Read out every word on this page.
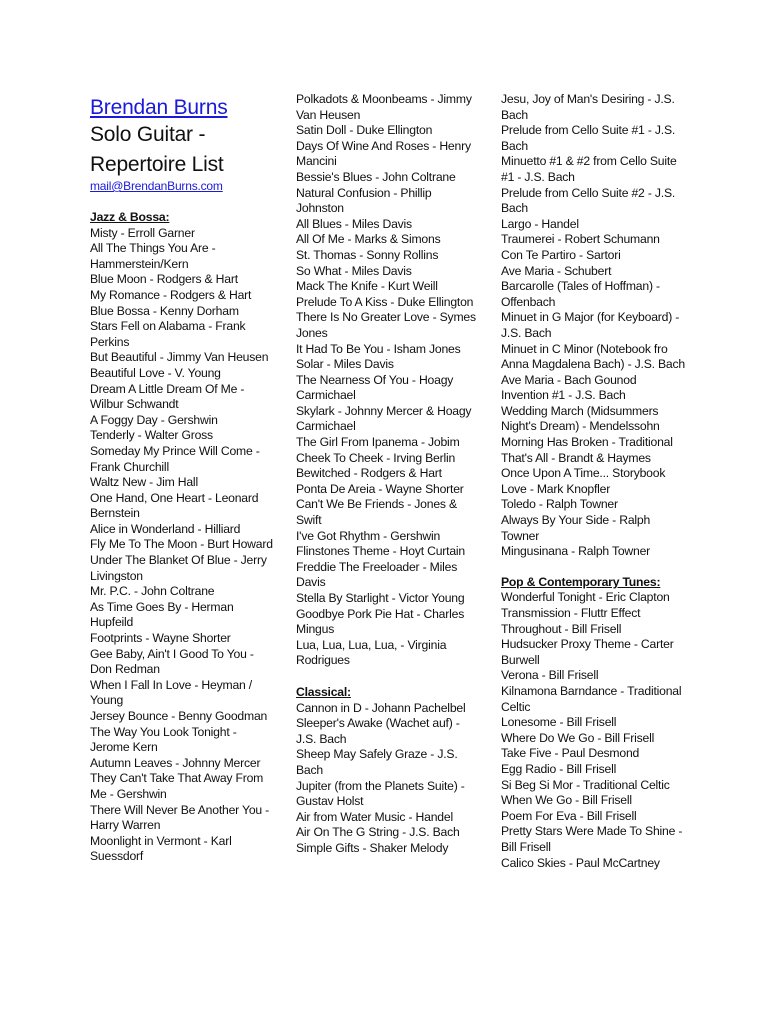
Brendan Burns
Solo Guitar -
Repertoire List
mail@BrendanBurns.com
Jazz & Bossa:
Misty - Erroll Garner
All The Things You Are - Hammerstein/Kern
Blue Moon - Rodgers & Hart
My Romance - Rodgers & Hart
Blue Bossa - Kenny Dorham
Stars Fell on Alabama - Frank Perkins
But Beautiful - Jimmy Van Heusen
Beautiful Love - V. Young
Dream A Little Dream Of Me - Wilbur Schwandt
A Foggy Day - Gershwin
Tenderly - Walter Gross
Someday My Prince Will Come - Frank Churchill
Waltz New - Jim Hall
One Hand, One Heart - Leonard Bernstein
Alice in Wonderland - Hilliard
Fly Me To The Moon - Burt Howard
Under The Blanket Of Blue - Jerry Livingston
Mr. P.C. - John Coltrane
As Time Goes By - Herman Hupfeild
Footprints - Wayne Shorter
Gee Baby, Ain't I Good To You - Don Redman
When I Fall In Love - Heyman / Young
Jersey Bounce - Benny Goodman
The Way You Look Tonight - Jerome Kern
Autumn Leaves - Johnny Mercer
They Can't Take That Away From Me - Gershwin
There Will Never Be Another You - Harry Warren
Moonlight in Vermont - Karl Suessdorf
Polkadots & Moonbeams - Jimmy Van Heusen
Satin Doll - Duke Ellington
Days Of Wine And Roses - Henry Mancini
Bessie's Blues - John Coltrane
Natural Confusion - Phillip Johnston
All Blues - Miles Davis
All Of Me - Marks & Simons
St. Thomas - Sonny Rollins
So What - Miles Davis
Mack The Knife - Kurt Weill
Prelude To A Kiss - Duke Ellington
There Is No Greater Love - Symes Jones
It Had To Be You - Isham Jones
Solar - Miles Davis
The Nearness Of You - Hoagy Carmichael
Skylark - Johnny Mercer & Hoagy Carmichael
The Girl From Ipanema - Jobim
Cheek To Cheek - Irving Berlin
Bewitched - Rodgers & Hart
Ponta De Areia - Wayne Shorter
Can't We Be Friends - Jones & Swift
I've Got Rhythm - Gershwin
Flinstones Theme - Hoyt Curtain
Freddie The Freeloader - Miles Davis
Stella By Starlight - Victor Young
Goodbye Pork Pie Hat - Charles Mingus
Lua, Lua, Lua, Lua, - Virginia Rodrigues
Classical:
Cannon in D - Johann Pachelbel
Sleeper's Awake (Wachet auf) - J.S. Bach
Sheep May Safely Graze - J.S. Bach
Jupiter (from the Planets Suite) - Gustav Holst
Air from Water Music - Handel
Air On The G String - J.S. Bach
Simple Gifts - Shaker Melody
Jesu, Joy of Man's Desiring - J.S. Bach
Prelude from Cello Suite #1 - J.S. Bach
Minuetto #1 & #2 from Cello Suite #1 - J.S. Bach
Prelude from Cello Suite #2 - J.S. Bach
Largo - Handel
Traumerei - Robert Schumann
Con Te Partiro - Sartori
Ave Maria - Schubert
Barcarolle (Tales of Hoffman) - Offenbach
Minuet in G Major (for Keyboard) - J.S. Bach
Minuet in C Minor (Notebook fro Anna Magdalena Bach) - J.S. Bach
Ave Maria - Bach Gounod
Invention #1 - J.S. Bach
Wedding March (Midsummers Night's Dream) - Mendelssohn
Morning Has Broken - Traditional
That's All - Brandt & Haymes
Once Upon A Time... Storybook Love - Mark Knopfler
Toledo - Ralph Towner
Always By Your Side - Ralph Towner
Mingusinana - Ralph Towner
Pop & Contemporary Tunes:
Wonderful Tonight - Eric Clapton
Transmission - Fluttr Effect
Throughout - Bill Frisell
Hudsucker Proxy Theme - Carter Burwell
Verona - Bill Frisell
Kilnamona Barndance - Traditional Celtic
Lonesome - Bill Frisell
Where Do We Go - Bill Frisell
Take Five - Paul Desmond
Egg Radio - Bill Frisell
Si Beg Si Mor - Traditional Celtic
When We Go - Bill Frisell
Poem For Eva - Bill Frisell
Pretty Stars Were Made To Shine - Bill Frisell
Calico Skies - Paul McCartney
